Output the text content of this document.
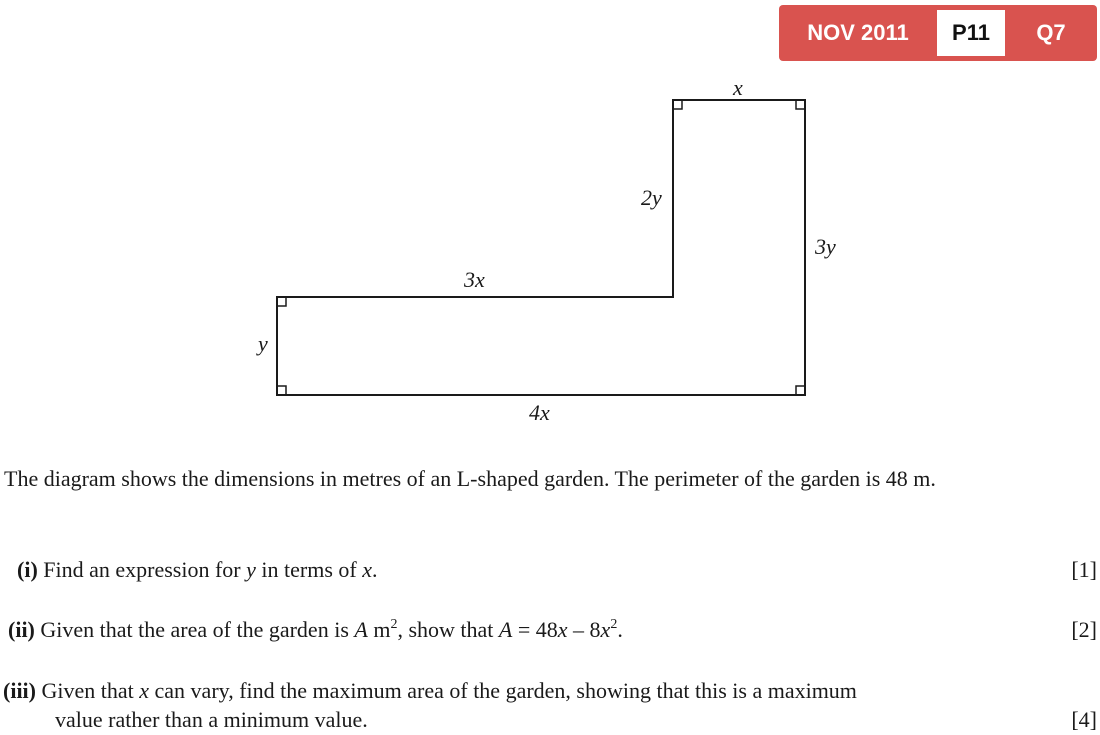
NOV 2011	P11	Q7
x
2y
3y
3x
y
4x
The diagram shows the dimensions in metres of an L-shaped garden. The perimeter of the garden is 48 m.
(i) Find an expression for y in terms of x.	[1]
(ii) Given that the area of the garden is A $m^2$, show that $A = 48x - 8x^2$.	[2]
(iii) Given that x can vary, find the maximum area of the garden, showing that this is a maximum
value rather than a minimum value.	[4]
